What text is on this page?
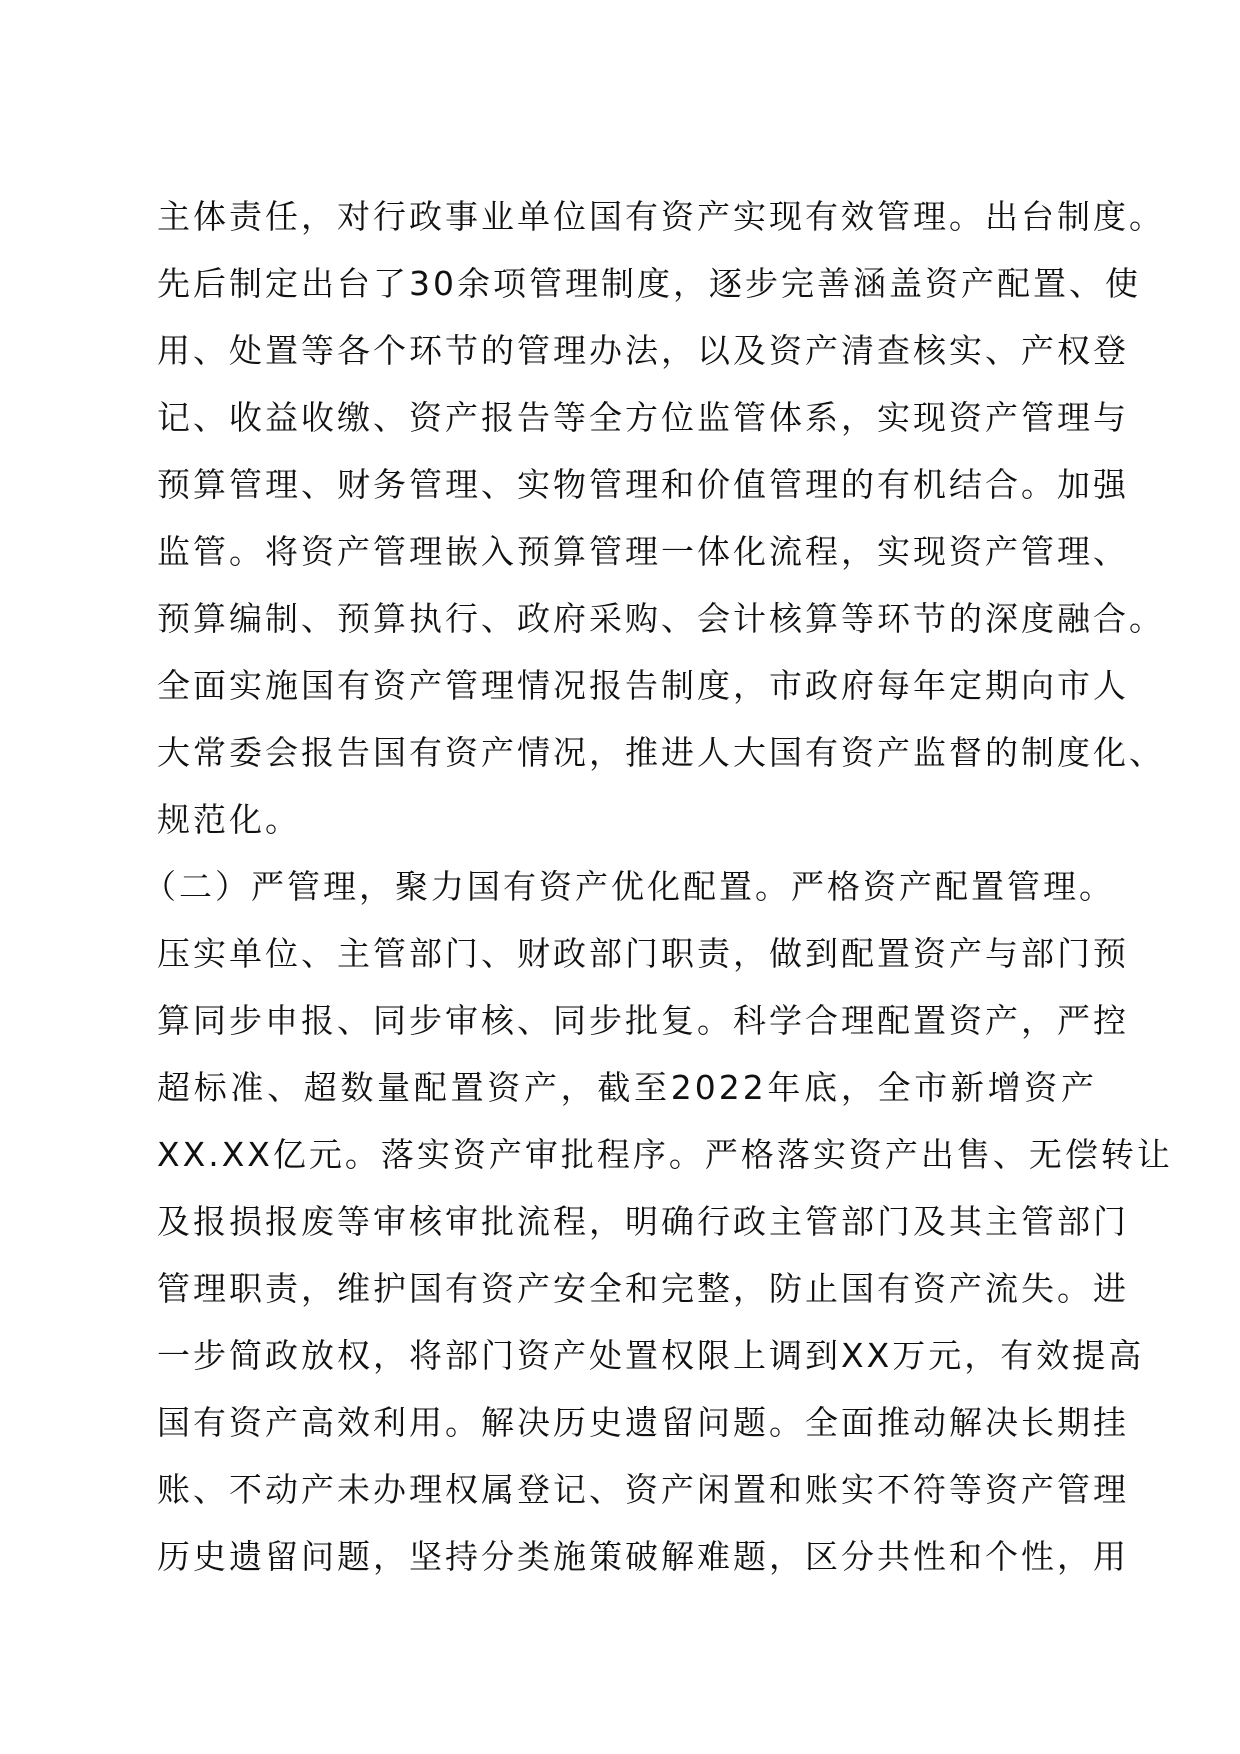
主体责任，对行政事业单位国有资产实现有效管理。出台制度。
先后制定出台了30余项管理制度，逐步完善涵盖资产配置、使
用、处置等各个环节的管理办法，以及资产清查核实、产权登
记、收益收缴、资产报告等全方位监管体系，实现资产管理与
预算管理、财务管理、实物管理和价值管理的有机结合。加强
监管。将资产管理嵌入预算管理一体化流程，实现资产管理、
预算编制、预算执行、政府采购、会计核算等环节的深度融合。
全面实施国有资产管理情况报告制度，市政府每年定期向市人
大常委会报告国有资产情况，推进人大国有资产监督的制度化、
规范化。
（二）严管理，聚力国有资产优化配置。严格资产配置管理。
压实单位、主管部门、财政部门职责，做到配置资产与部门预
算同步申报、同步审核、同步批复。科学合理配置资产，严控
超标准、超数量配置资产，截至2022年底，全市新增资产
XX.XX亿元。落实资产审批程序。严格落实资产出售、无偿转让
及报损报废等审核审批流程，明确行政主管部门及其主管部门
管理职责，维护国有资产安全和完整，防止国有资产流失。进
一步简政放权，将部门资产处置权限上调到XX万元，有效提高
国有资产高效利用。解决历史遗留问题。全面推动解决长期挂
账、不动产未办理权属登记、资产闲置和账实不符等资产管理
历史遗留问题，坚持分类施策破解难题，区分共性和个性，用
